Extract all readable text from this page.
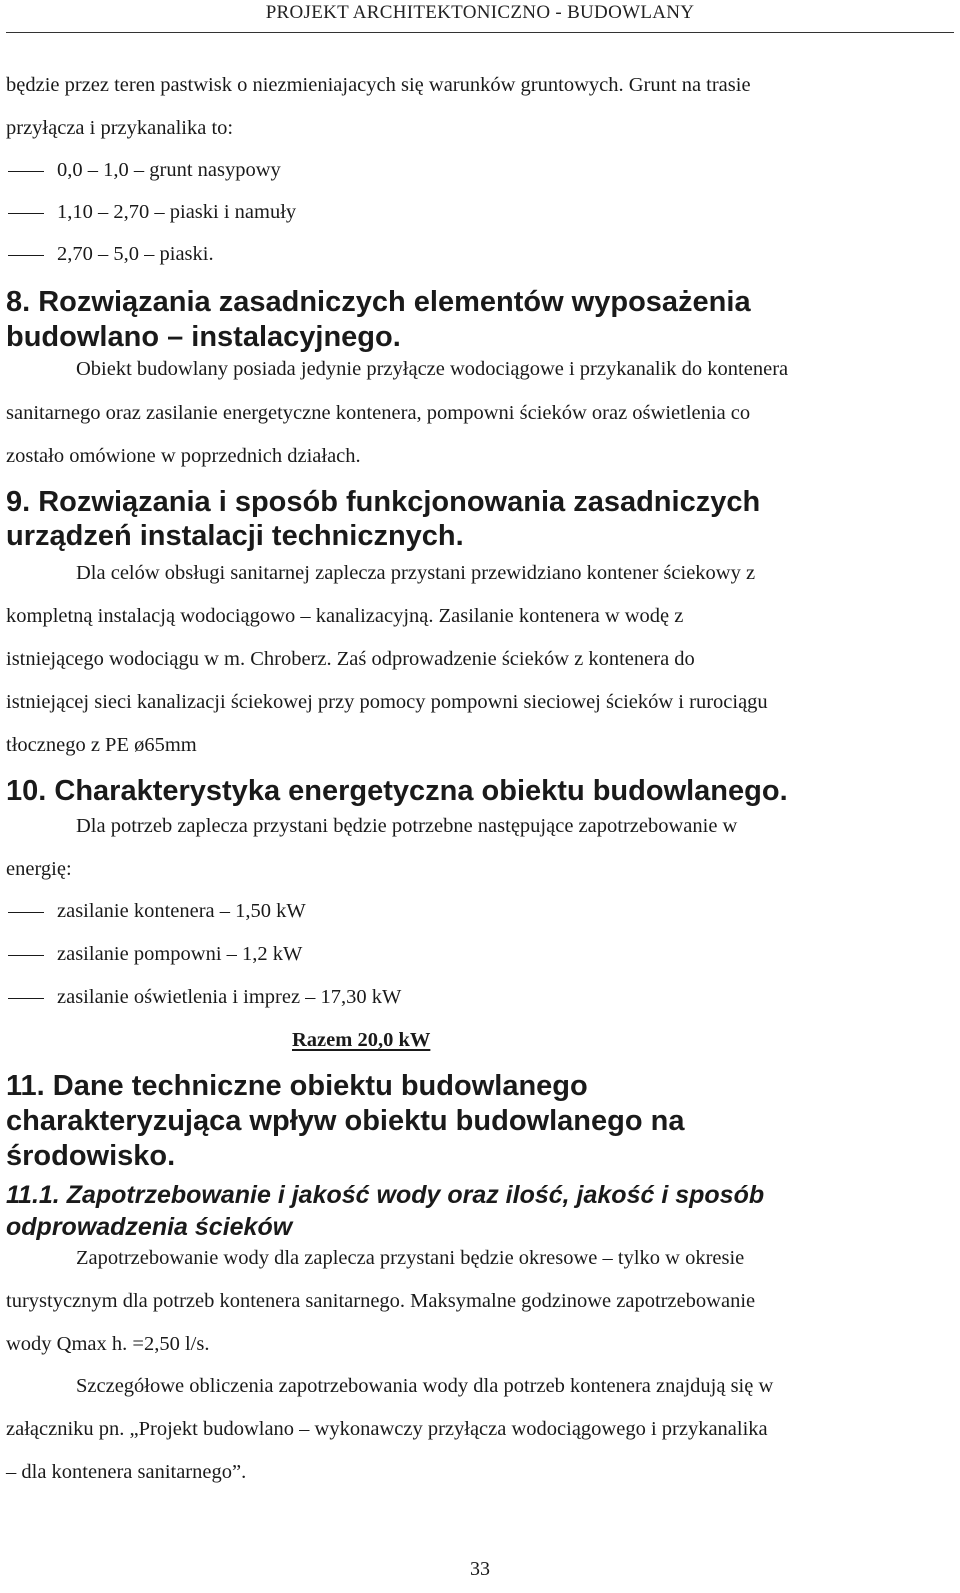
PROJEKT ARCHITEKTONICZNO - BUDOWLANY
będzie przez teren pastwisk o niezmieniajacych się warunków gruntowych. Grunt na trasie
przyłącza i przykanalika to:
0,0 – 1,0 – grunt nasypowy
1,10 – 2,70 – piaski i namuły
2,70 – 5,0 – piaski.
8. Rozwiązania zasadniczych elementów wyposażenia
budowlano – instalacyjnego.
Obiekt budowlany posiada jedynie przyłącze wodociągowe i przykanalik do kontenera
sanitarnego oraz zasilanie energetyczne kontenera, pompowni ścieków oraz oświetlenia co
zostało omówione w poprzednich działach.
9. Rozwiązania i sposób funkcjonowania zasadniczych
urządzeń instalacji technicznych.
Dla celów obsługi sanitarnej zaplecza przystani przewidziano kontener ściekowy z
kompletną instalacją wodociągowo – kanalizacyjną. Zasilanie kontenera w wodę z
istniejącego wodociągu w m. Chroberz. Zaś odprowadzenie ścieków z kontenera do
istniejącej sieci kanalizacji ściekowej przy pomocy pompowni sieciowej ścieków i rurociągu
tłocznego z PE ø65mm
10. Charakterystyka energetyczna obiektu budowlanego.
Dla potrzeb zaplecza przystani będzie potrzebne następujące zapotrzebowanie w
energię:
zasilanie kontenera – 1,50 kW
zasilanie pompowni – 1,2 kW
zasilanie oświetlenia i imprez – 17,30 kW
Razem 20,0 kW
11. Dane techniczne obiektu budowlanego
charakteryzująca wpływ obiektu budowlanego na
środowisko.
11.1. Zapotrzebowanie i jakość wody oraz ilość, jakość i sposób
odprowadzenia ścieków
Zapotrzebowanie wody dla zaplecza przystani będzie okresowe – tylko w okresie
turystycznym dla potrzeb kontenera sanitarnego. Maksymalne godzinowe zapotrzebowanie
wody Qmax h. =2,50 l/s.
Szczegółowe obliczenia zapotrzebowania wody dla potrzeb kontenera znajdują się w
załączniku pn. „Projekt budowlano – wykonawczy przyłącza wodociągowego i przykanalika
– dla kontenera sanitarnego”.
33
